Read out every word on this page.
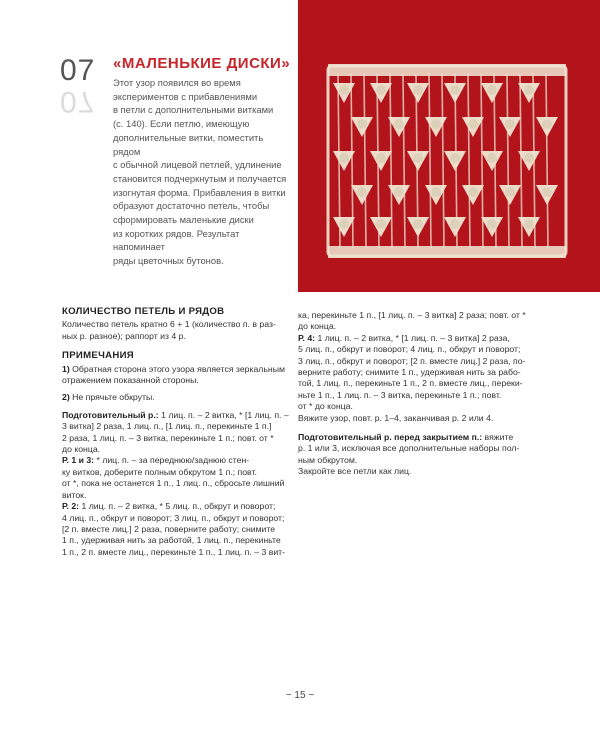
07
07
«МАЛЕНЬКИЕ ДИСКИ»
Этот узор появился во время
экспериментов с прибавлениями
в петли с дополнительными витками
(с. 140). Если петлю, имеющую
дополнительные витки, поместить рядом
с обычной лицевой петлей, удлинение
становится подчеркнутым и получается
изогнутая форма. Прибавления в витки
образуют достаточно петель, чтобы
сформировать маленькие диски
из коротких рядов. Результат напоминает
ряды цветочных бутонов.
КОЛИЧЕСТВО ПЕТЕЛЬ И РЯДОВ
Количество петель кратно 6 + 1 (количество п. в раз-
ных р. разное); раппорт из 4 р.
ПРИМЕЧАНИЯ
1) Обратная сторона этого узора является зеркальным
отражением показанной стороны.
2) Не прячьте обкруты.
Подготовительный р.: 1 лиц. п. – 2 витка, * [1 лиц. п. –
3 витка] 2 раза, 1 лиц. п., [1 лиц. п., перекиньте 1 п.]
2 раза, 1 лиц. п. – 3 витка, перекиньте 1 п.; повт. от *
до конца.
Р. 1 и 3: * лиц. п. – за переднюю/заднюю стен-
ку витков, доберите полным обкрутом 1 п.; повт.
от *, пока не останется 1 п., 1 лиц. п., сбросьте лишний
виток.
Р. 2: 1 лиц. п. – 2 витка, * 5 лиц. п., обкрут и поворот;
4 лиц. п., обкрут и поворот; 3 лиц. п., обкрут и поворот;
[2 п. вместе лиц.] 2 раза, поверните работу; снимите
1 п., удерживая нить за работой, 1 лиц. п., перекиньте
1 п., 2 п. вместе лиц., перекиньте 1 п., 1 лиц. п. – 3 вит-
ка, перекиньте 1 п., [1 лиц. п. – 3 витка] 2 раза; повт. от *
до конца.
Р. 4: 1 лиц. п. – 2 витка, * [1 лиц. п. – 3 витка] 2 раза,
5 лиц. п., обкрут и поворот; 4 лиц. п., обкрут и поворот;
3 лиц. п., обкрут и поворот; [2 п. вместе лиц.] 2 раза, по-
верните работу; снимите 1 п., удерживая нить за рабо-
той, 1 лиц. п., перекиньте 1 п., 2 п. вместе лиц., переки-
ньте 1 п., 1 лиц. п. – 3 витка, перекиньте 1 п.; повт.
от * до конца.
Вяжите узор, повт. р. 1–4, заканчивая р. 2 или 4.
Подготовительный р. перед закрытием п.: вяжите
р. 1 или 3, исключая все дополнительные наборы пол-
ным обкрутом.
Закройте все петли как лиц.
~ 15 ~
